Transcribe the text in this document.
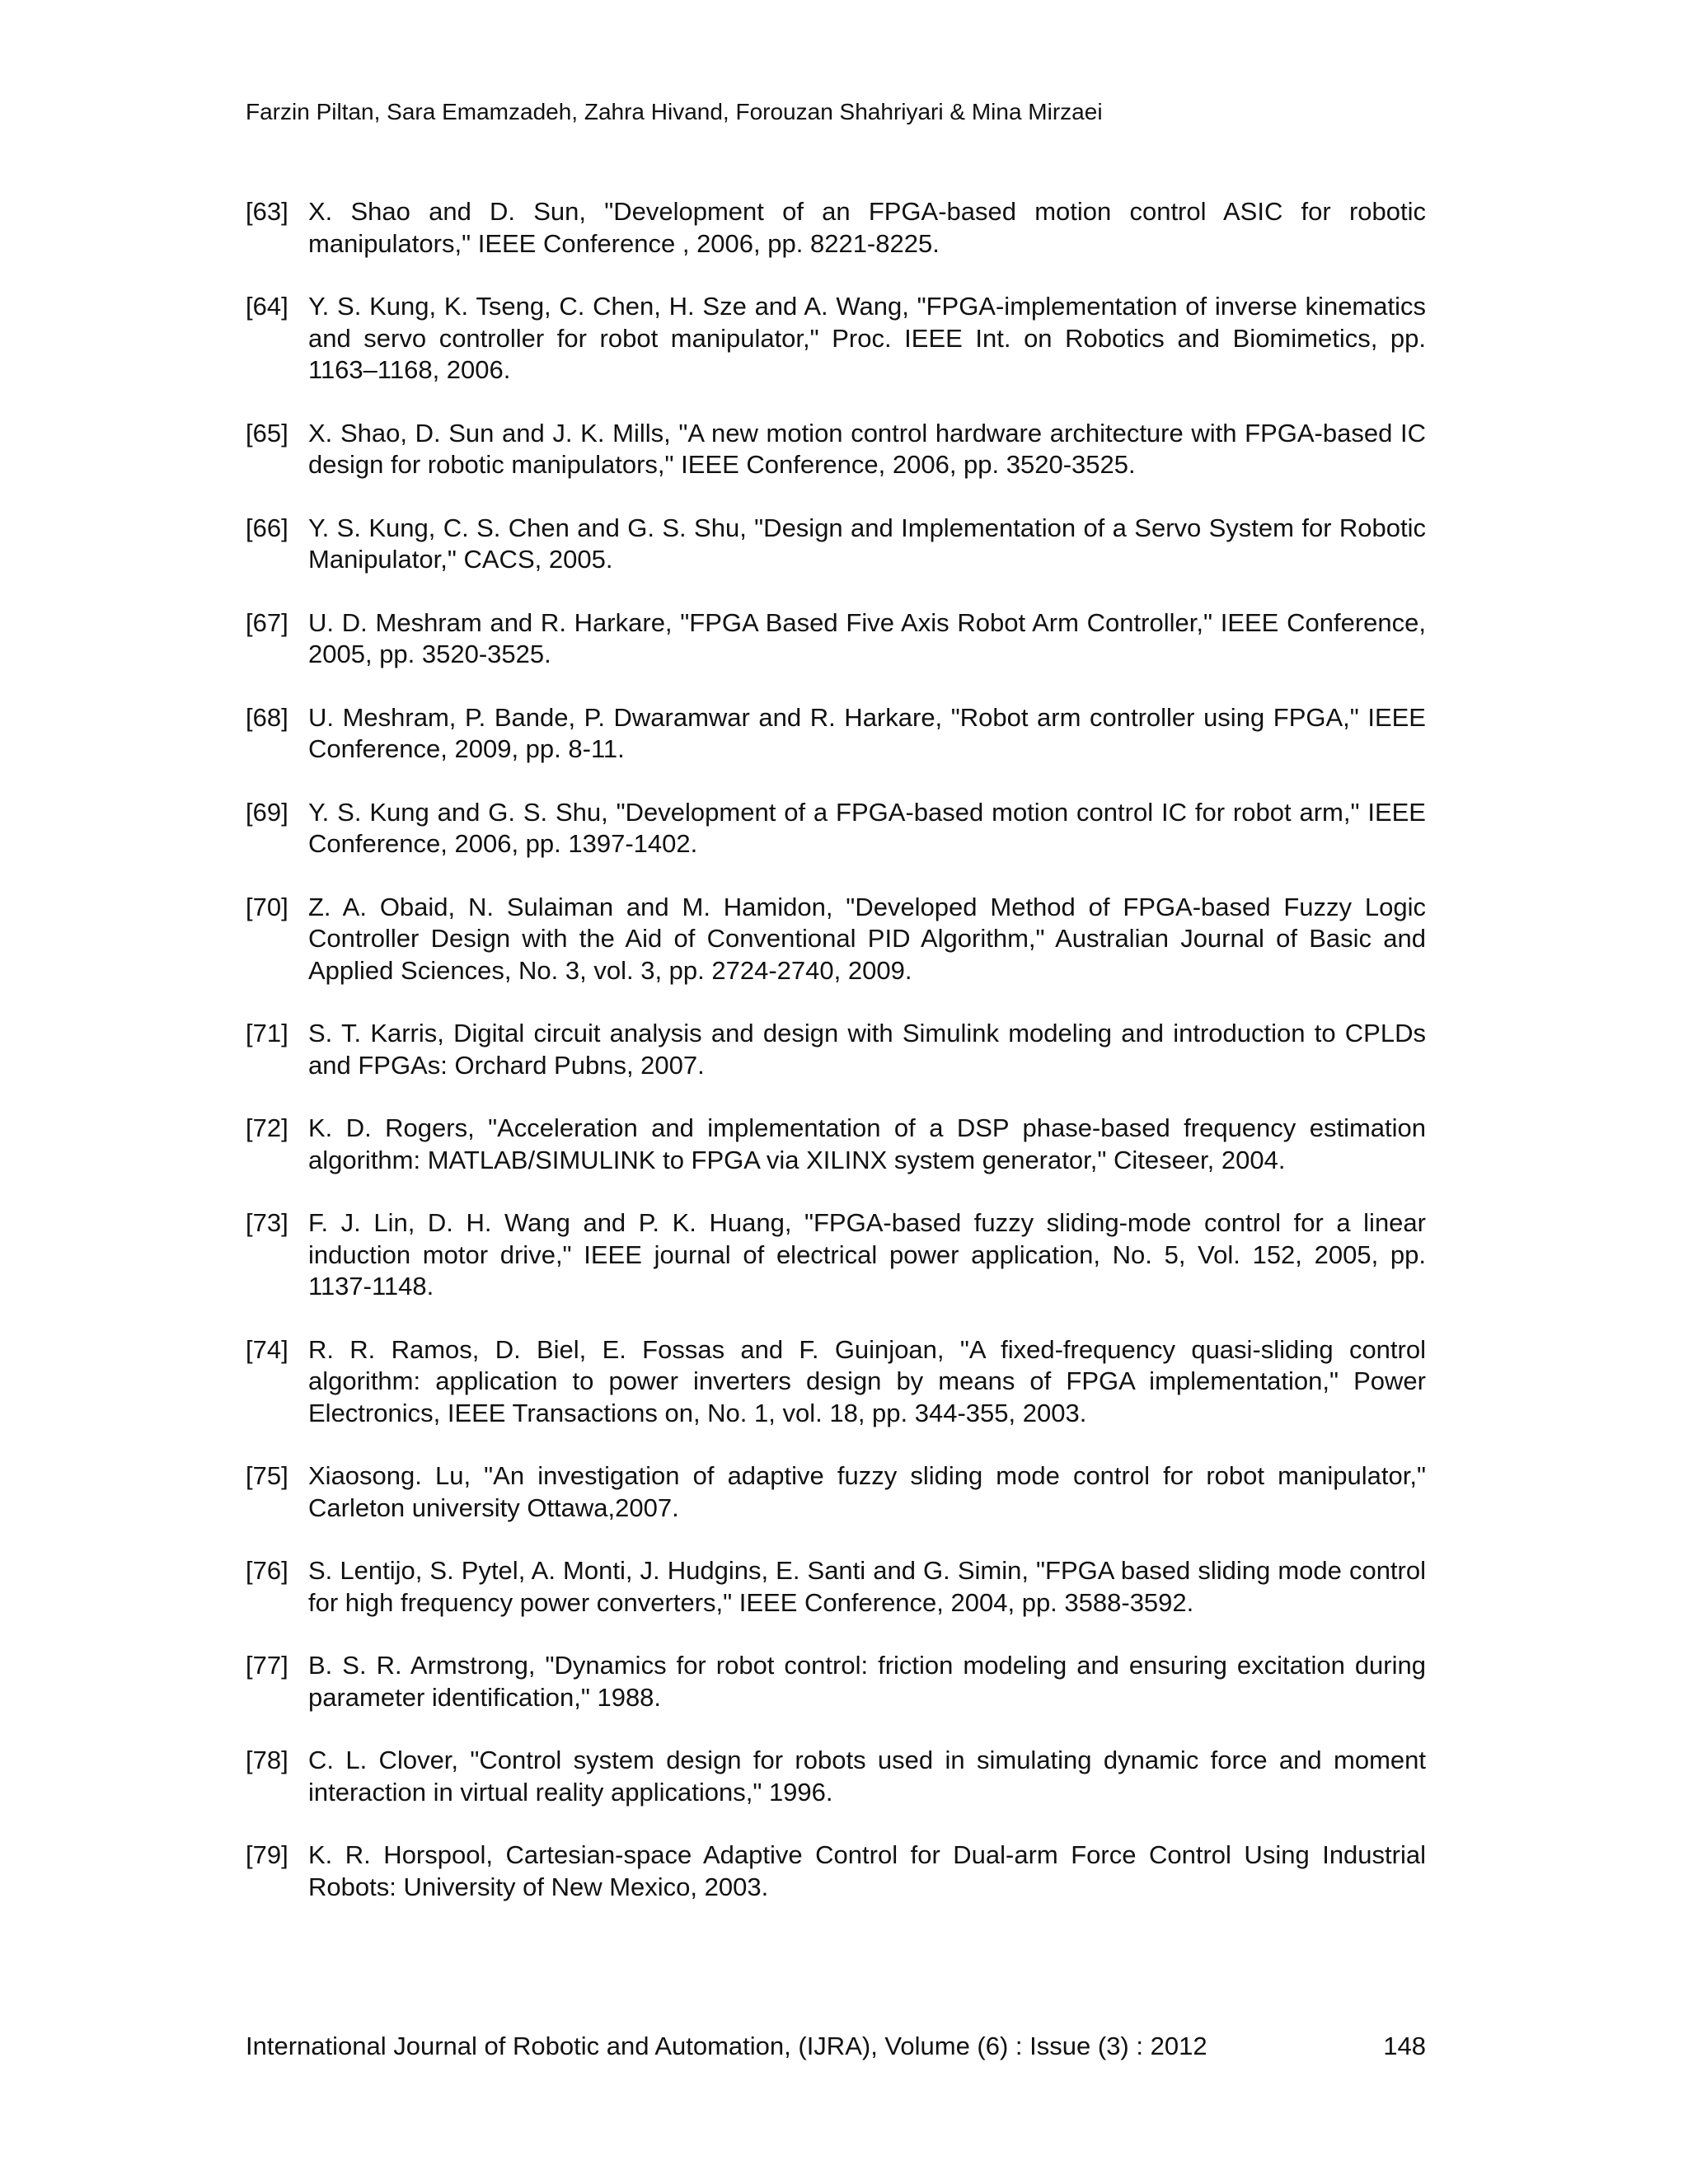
Farzin Piltan, Sara Emamzadeh, Zahra Hivand, Forouzan Shahriyari & Mina Mirzaei
[63] X. Shao and D. Sun, "Development of an FPGA-based motion control ASIC for robotic manipulators," IEEE Conference , 2006, pp. 8221-8225.
[64] Y. S. Kung, K. Tseng, C. Chen, H. Sze and A. Wang, "FPGA-implementation of inverse kinematics and servo controller for robot manipulator," Proc. IEEE Int. on Robotics and Biomimetics, pp. 1163–1168, 2006.
[65] X. Shao, D. Sun and J. K. Mills, "A new motion control hardware architecture with FPGA-based IC design for robotic manipulators," IEEE Conference, 2006, pp. 3520-3525.
[66] Y. S. Kung, C. S. Chen and G. S. Shu, "Design and Implementation of a Servo System for Robotic Manipulator," CACS, 2005.
[67] U. D. Meshram and R. Harkare, "FPGA Based Five Axis Robot Arm Controller," IEEE Conference, 2005, pp. 3520-3525.
[68] U. Meshram, P. Bande, P. Dwaramwar and R. Harkare, "Robot arm controller using FPGA," IEEE Conference, 2009, pp. 8-11.
[69] Y. S. Kung and G. S. Shu, "Development of a FPGA-based motion control IC for robot arm," IEEE Conference, 2006, pp. 1397-1402.
[70] Z. A. Obaid, N. Sulaiman and M. Hamidon, "Developed Method of FPGA-based Fuzzy Logic Controller Design with the Aid of Conventional PID Algorithm," Australian Journal of Basic and Applied Sciences, No. 3, vol. 3, pp. 2724-2740, 2009.
[71] S. T. Karris, Digital circuit analysis and design with Simulink modeling and introduction to CPLDs and FPGAs: Orchard Pubns, 2007.
[72] K. D. Rogers, "Acceleration and implementation of a DSP phase-based frequency estimation algorithm: MATLAB/SIMULINK to FPGA via XILINX system generator," Citeseer, 2004.
[73] F. J. Lin, D. H. Wang and P. K. Huang, "FPGA-based fuzzy sliding-mode control for a linear induction motor drive," IEEE journal of electrical power application, No. 5, Vol. 152, 2005, pp. 1137-1148.
[74] R. R. Ramos, D. Biel, E. Fossas and F. Guinjoan, "A fixed-frequency quasi-sliding control algorithm: application to power inverters design by means of FPGA implementation," Power Electronics, IEEE Transactions on, No. 1, vol. 18, pp. 344-355, 2003.
[75] Xiaosong. Lu, "An investigation of adaptive fuzzy sliding mode control for robot manipulator," Carleton university Ottawa,2007.
[76] S. Lentijo, S. Pytel, A. Monti, J. Hudgins, E. Santi and G. Simin, "FPGA based sliding mode control for high frequency power converters," IEEE Conference, 2004, pp. 3588-3592.
[77] B. S. R. Armstrong, "Dynamics for robot control: friction modeling and ensuring excitation during parameter identification," 1988.
[78] C. L. Clover, "Control system design for robots used in simulating dynamic force and moment interaction in virtual reality applications," 1996.
[79] K. R. Horspool, Cartesian-space Adaptive Control for Dual-arm Force Control Using Industrial Robots: University of New Mexico, 2003.
International Journal of Robotic and Automation, (IJRA), Volume (6) : Issue (3) : 2012	148
